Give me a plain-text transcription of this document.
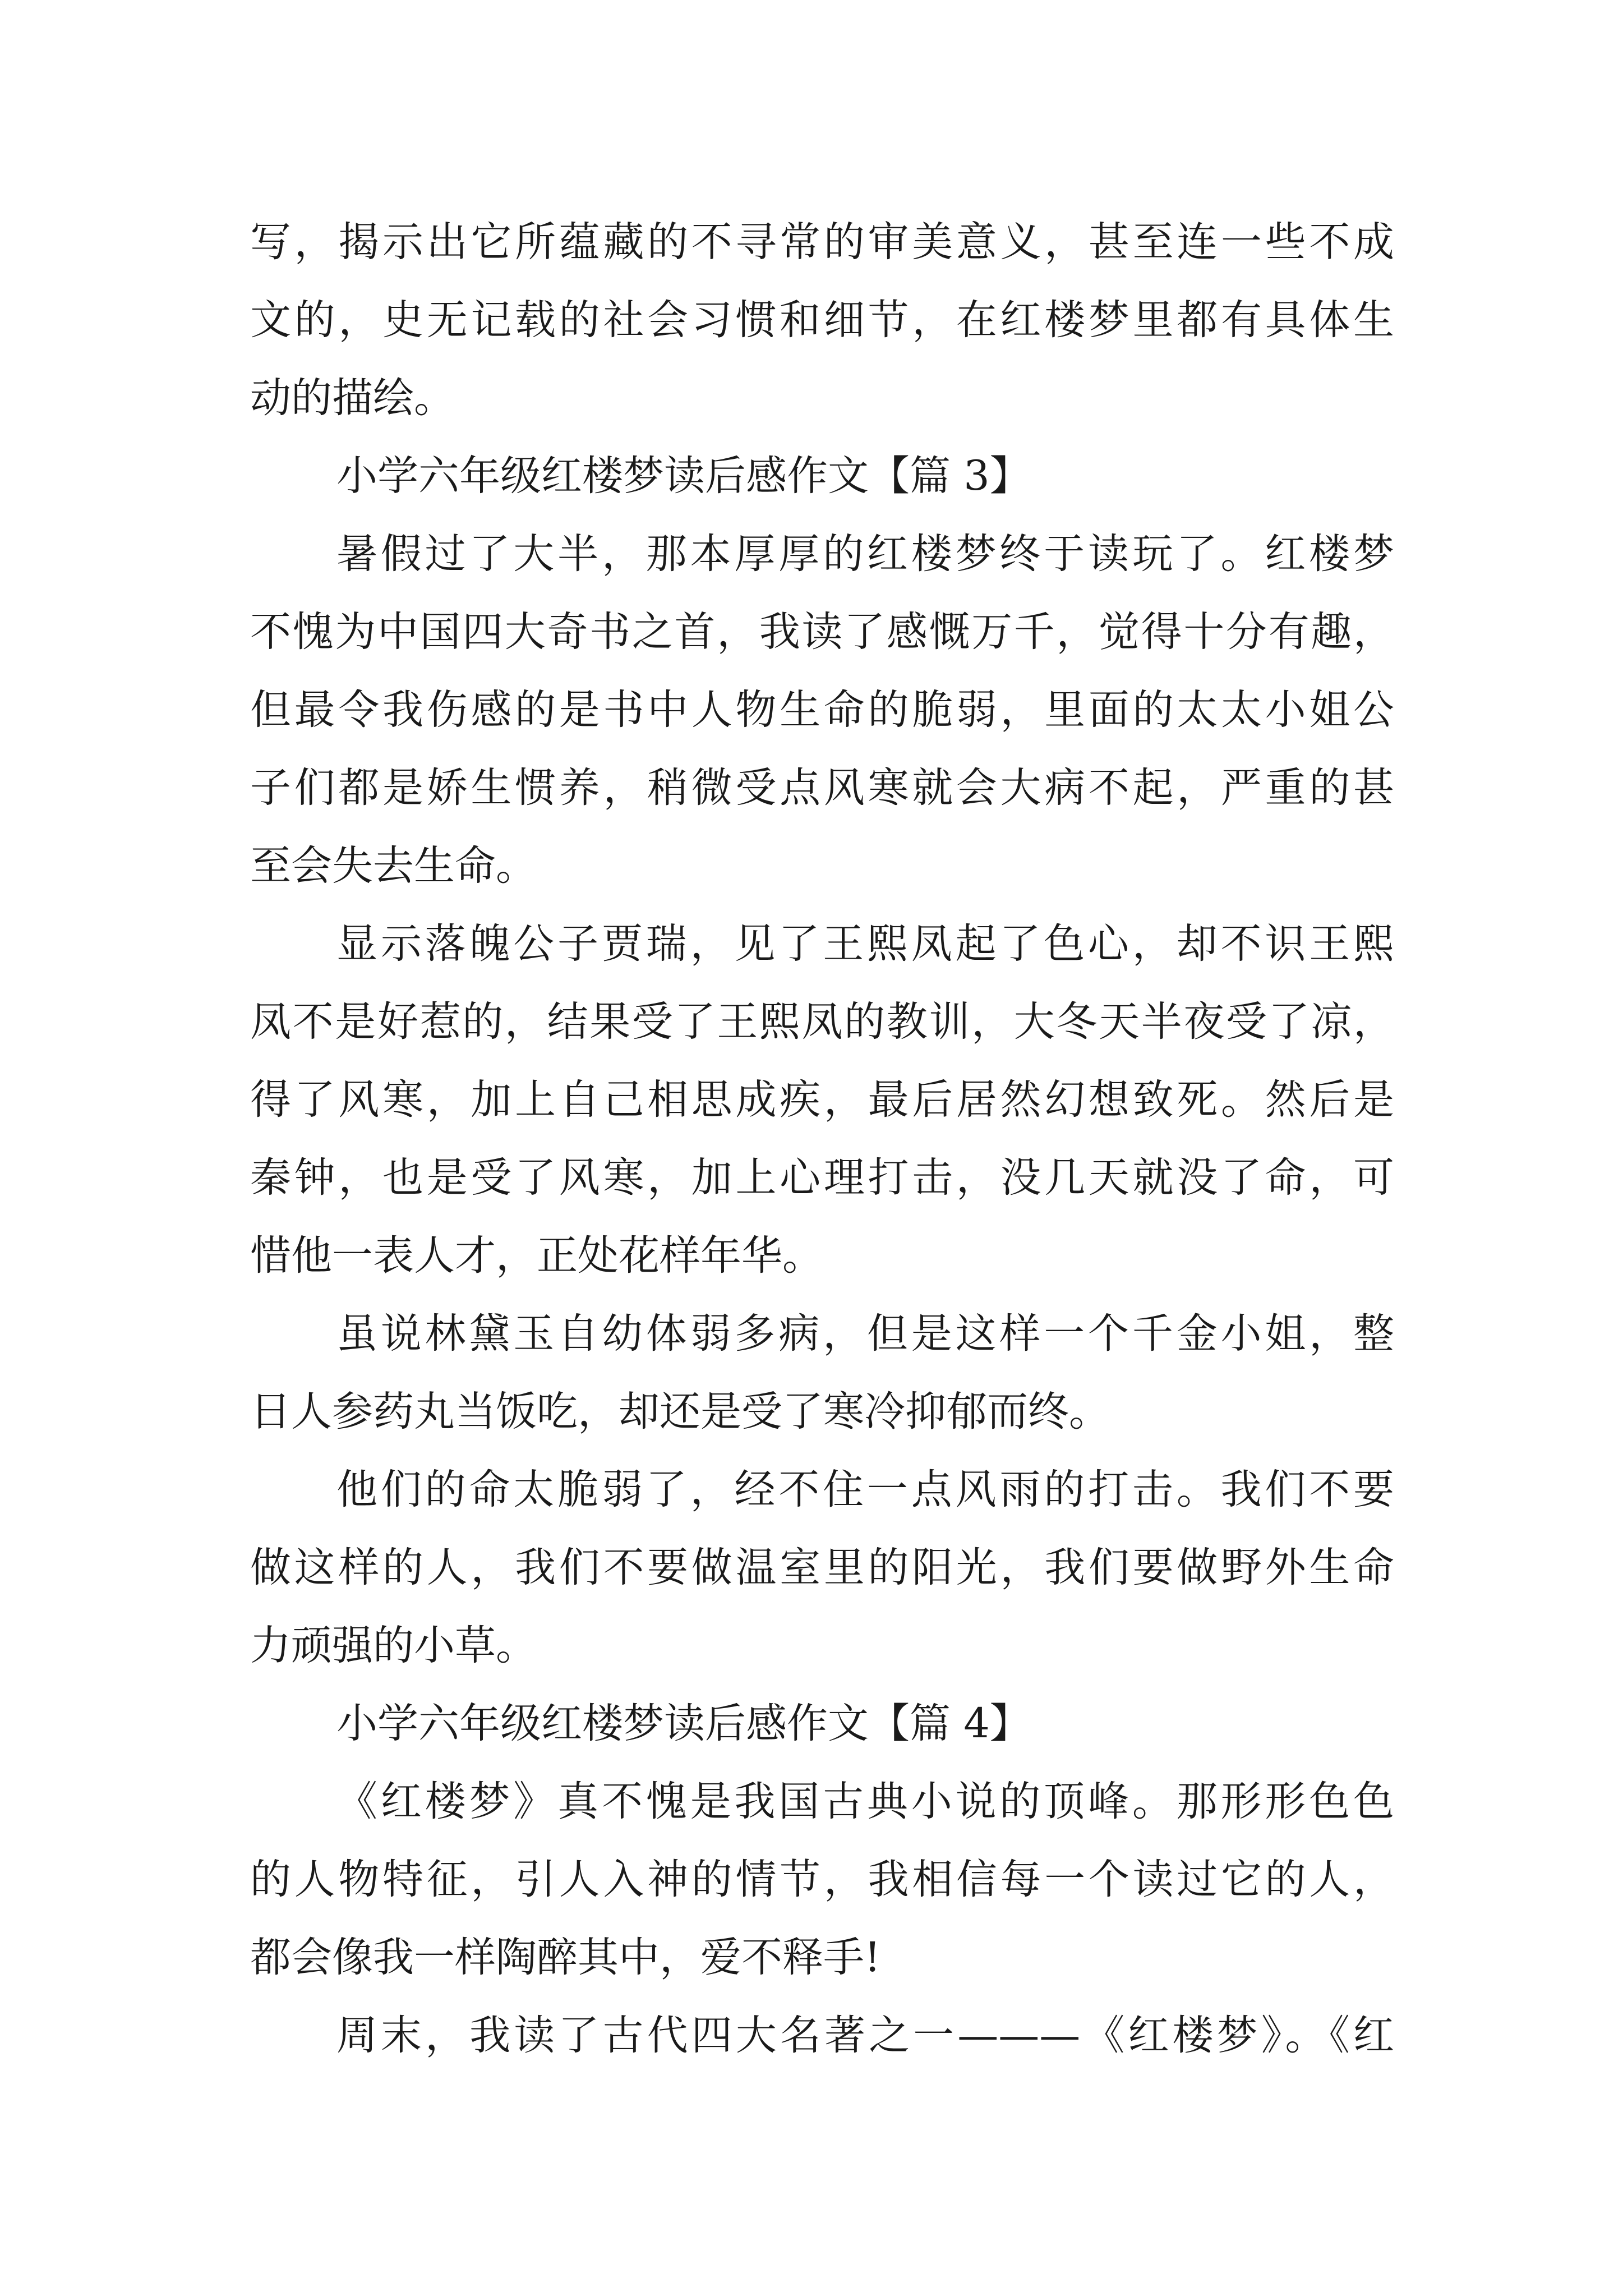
写，揭示出它所蕴藏的不寻常的审美意义，甚至连一些不成
文的，史无记载的社会习惯和细节，在红楼梦里都有具体生
动的描绘。
小学六年级红楼梦读后感作文【篇 3】
暑假过了大半，那本厚厚的红楼梦终于读玩了。红楼梦
不愧为中国四大奇书之首，我读了感慨万千，觉得十分有趣，
但最令我伤感的是书中人物生命的脆弱，里面的太太小姐公
子们都是娇生惯养，稍微受点风寒就会大病不起，严重的甚
至会失去生命。
显示落魄公子贾瑞，见了王熙凤起了色心，却不识王熙
凤不是好惹的，结果受了王熙凤的教训，大冬天半夜受了凉，
得了风寒，加上自己相思成疾，最后居然幻想致死。然后是
秦钟，也是受了风寒，加上心理打击，没几天就没了命，可
惜他一表人才，正处花样年华。
虽说林黛玉自幼体弱多病，但是这样一个千金小姐，整
日人参药丸当饭吃，却还是受了寒冷抑郁而终。
他们的命太脆弱了，经不住一点风雨的打击。我们不要
做这样的人，我们不要做温室里的阳光，我们要做野外生命
力顽强的小草。
小学六年级红楼梦读后感作文【篇 4】
《红楼梦》真不愧是我国古典小说的顶峰。那形形色色
的人物特征，引人入神的情节，我相信每一个读过它的人，
都会像我一样陶醉其中，爱不释手!
周末，我读了古代四大名著之一———《红楼梦》。《红
